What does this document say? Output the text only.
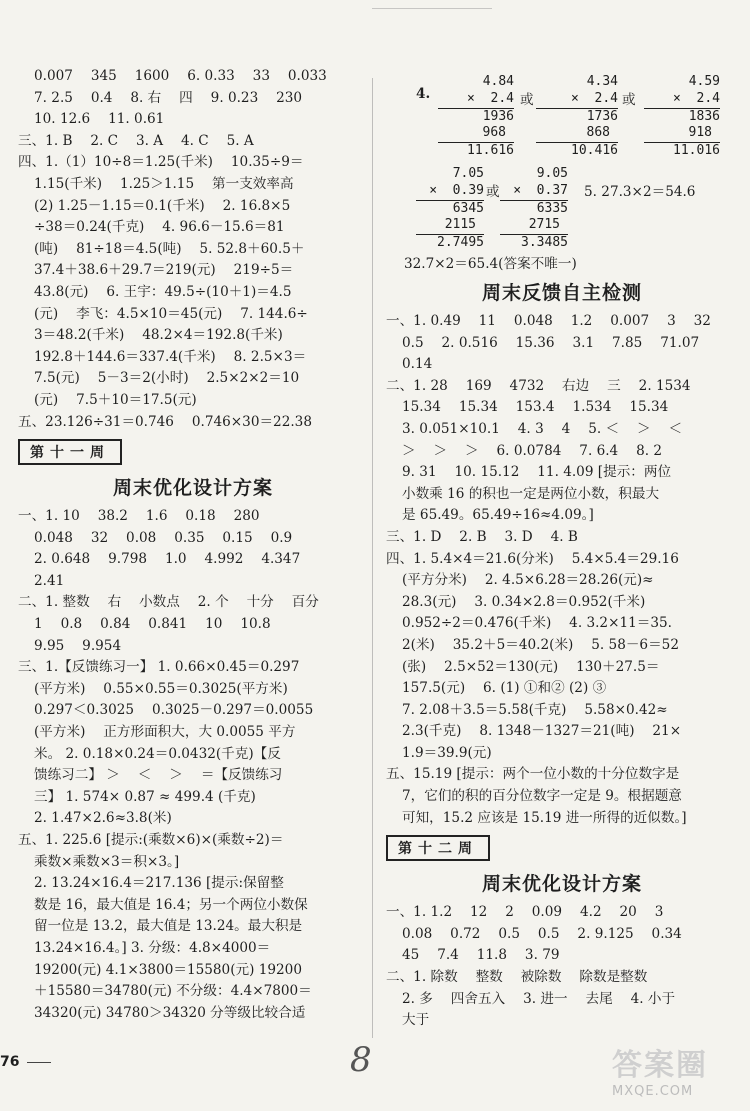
0.007　 345　 1600　 6. 0.33　 33　 0.033
7. 2.5　 0.4　 8. 右　 四　 9. 0.23　 230
10. 12.6　 11. 0.61
三、1. B　 2. C　 3. A　 4. C　 5. A
四、1.（1）10÷8＝1.25(千米)　 10.35÷9＝
1.15(千米)　 1.25＞1.15　 第一支效率高
(2) 1.25－1.15＝0.1(千米)　 2. 16.8×5
÷38＝0.24(千克)　 4. 96.6－15.6＝81
(吨)　 81÷18＝4.5(吨)　 5. 52.8＋60.5＋
37.4＋38.6＋29.7＝219(元)　 219÷5＝
43.8(元)　 6. 王宇：49.5÷(10＋1)＝4.5
(元)　 李飞：4.5×10＝45(元)　 7. 144.6÷
3＝48.2(千米)　 48.2×4＝192.8(千米)
192.8＋144.6＝337.4(千米)　 8. 2.5×3＝
7.5(元)　 5－3＝2(小时)　 2.5×2×2＝10
(元)　 7.5＋10＝17.5(元)
五、23.126÷31＝0.746　 0.746×30＝22.38
第十一周
周末优化设计方案
一、1. 10　 38.2　 1.6　 0.18　 280
0.048　 32　 0.08　 0.35　 0.15　 0.9
2. 0.648　 9.798　 1.0　 4.992　 4.347
2.41
二、1. 整数　 右　 小数点　 2. 个　 十分　 百分
1　 0.8　 0.84　 0.841　 10　 10.8
9.95　 9.954
三、1.【反馈练习一】 1. 0.66×0.45＝0.297
(平方米)　 0.55×0.55＝0.3025(平方米)
0.297＜0.3025　 0.3025－0.297＝0.0055
(平方米)　 正方形面积大，大 0.0055 平方
米。 2. 0.18×0.24＝0.0432(千克)【反
馈练习二】 ＞　 ＜　 ＞　 ＝【反馈练习
三】 1. 574× 0.87 ≈ 499.4 (千克)
2. 1.47×2.6≈3.8(米)
五、1. 225.6 [提示:(乘数×6)×(乘数÷2)＝
乘数×乘数×3＝积×3。]
2. 13.24×16.4＝217.136 [提示:保留整
数是 16，最大值是 16.4；另一个两位小数保
留一位是 13.2，最大值是 13.24。最大积是
13.24×16.4。] 3. 分级：4.8×4000＝
19200(元) 4.1×3800＝15580(元) 19200
＋15580＝34780(元) 不分级：4.4×7800＝
34320(元) 34780＞34320 分等级比较合适
4.
4.84
×  2.4
1936
968
11.616
或
4.34
×  2.4
1736
868
10.416
或
4.59
×  2.4
1836
918
11.016
7.05
×  0.39
6345
2115
2.7495
或
9.05
×  0.37
6335
2715
3.3485
5. 27.3×2＝54.6
32.7×2＝65.4(答案不唯一)
周末反馈自主检测
一、1. 0.49　 11　 0.048　 1.2　 0.007　 3　 32
0.5　 2. 0.516　 15.36　 3.1　 7.85　 71.07
0.14
二、1. 28　 169　 4732　 右边　 三　 2. 1534
15.34　 15.34　 153.4　 1.534　 15.34
3. 0.051×10.1　 4. 3　 4　 5. ＜　 ＞　 ＜
＞　 ＞　 ＞　 6. 0.0784　 7. 6.4　 8. 2
9. 31　 10. 15.12　 11. 4.09 [提示：两位
小数乘 16 的积也一定是两位小数，积最大
是 65.49。65.49÷16≈4.09。]
三、1. D　 2. B　 3. D　 4. B
四、1. 5.4×4＝21.6(分米)　 5.4×5.4＝29.16
(平方分米)　 2. 4.5×6.28＝28.26(元)≈
28.3(元)　 3. 0.34×2.8＝0.952(千米)
0.952÷2＝0.476(千米)　 4. 3.2×11＝35.
2(米)　 35.2＋5＝40.2(米)　 5. 58－6＝52
(张)　 2.5×52＝130(元)　 130＋27.5＝
157.5(元)　 6. (1) ①和② (2) ③
7. 2.08＋3.5＝5.58(千克)　 5.58×0.42≈
2.3(千克)　 8. 1348－1327＝21(吨)　 21×
1.9＝39.9(元)
五、15.19 [提示：两个一位小数的十分位数字是
7，它们的积的百分位数字一定是 9。根据题意
可知，15.2 应该是 15.19 进一所得的近似数。]
第十二周
周末优化设计方案
一、1. 1.2　 12　 2　 0.09　 4.2　 20　 3
0.08　 0.72　 0.5　 0.5　 2. 9.125　 0.34
45　 7.4　 11.8　 3. 79
二、1. 除数　 整数　 被除数　 除数是整数
2. 多　 四舍五入　 3. 进一　 去尾　 4. 小于
大于
76	8	答案圈
MXQE.COM
